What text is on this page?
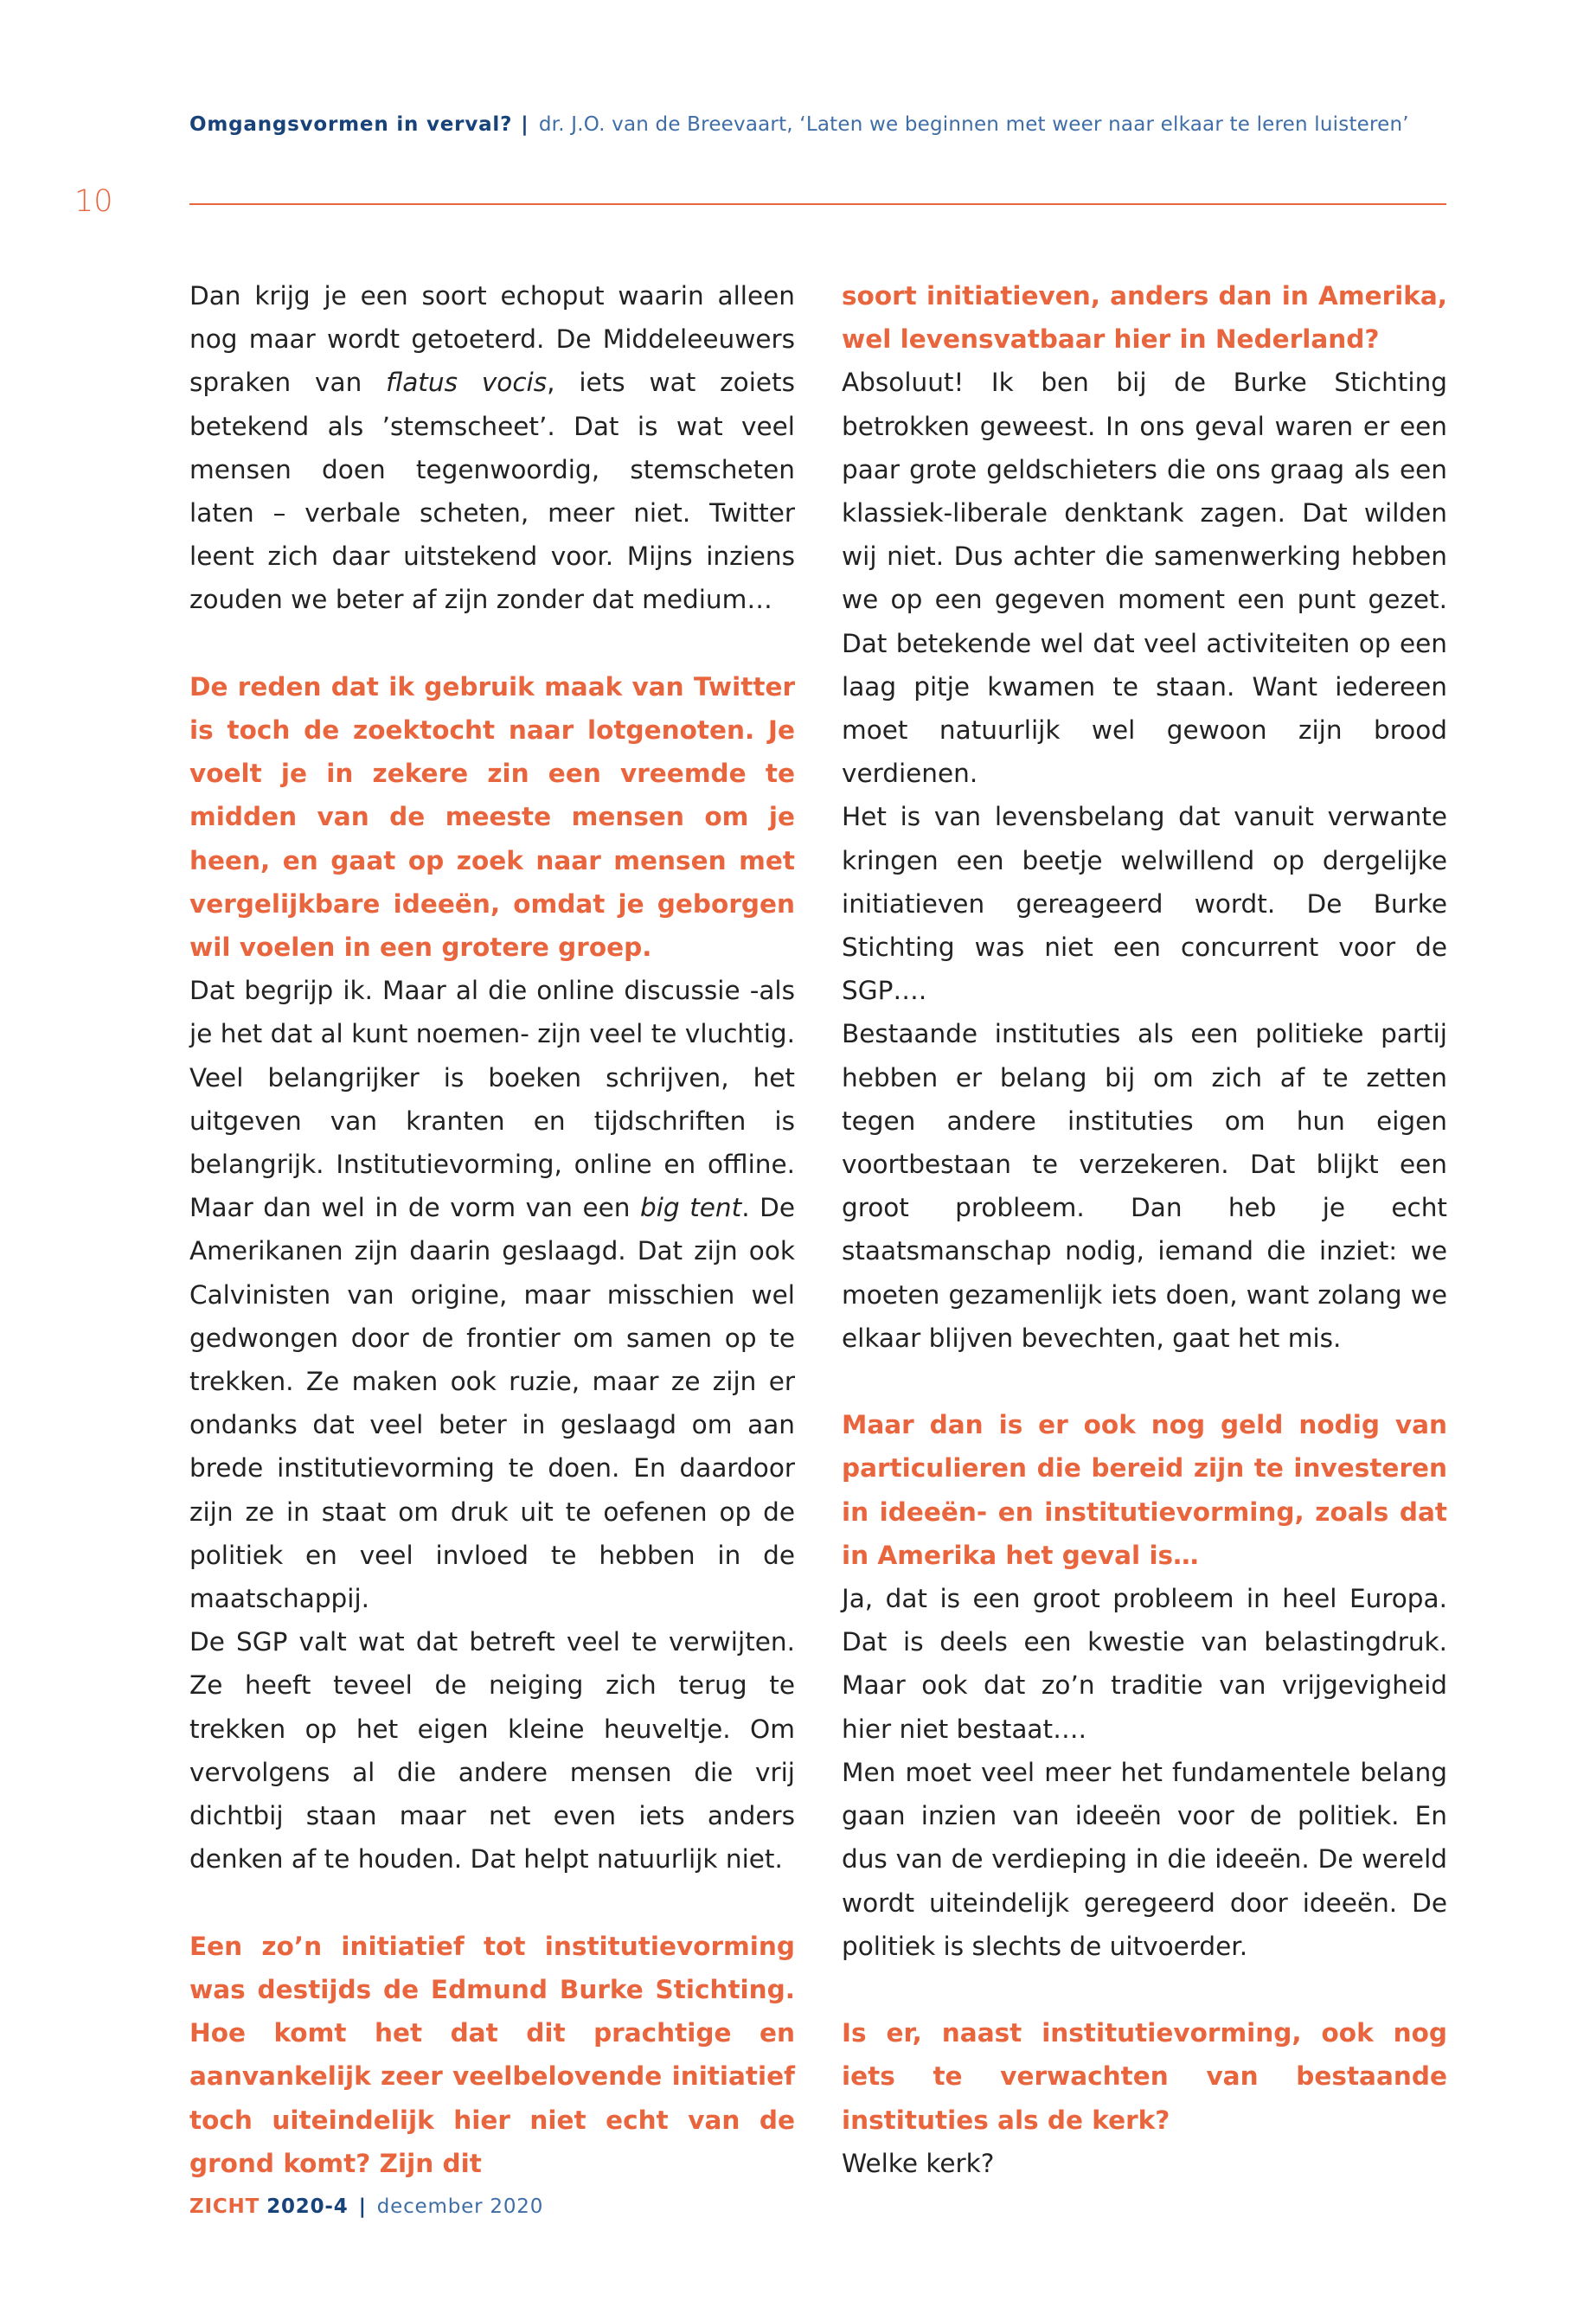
Omgangsvormen in verval? | dr. J.O. van de Breevaart, ‘Laten we beginnen met weer naar elkaar te leren luisteren’
10

Dan krijg je een soort echoput waarin alleen nog maar wordt getoeterd. De Middeleeuwers spraken van flatus vocis, iets wat zoiets betekend als ’stemscheet’. Dat is wat veel mensen doen tegenwoordig, stemscheten laten – verbale scheten, meer niet. Twitter leent zich daar uitstekend voor. Mijns inziens zouden we beter af zijn zonder dat medium…

De reden dat ik gebruik maak van Twitter is toch de zoektocht naar lotgenoten. Je voelt je in zekere zin een vreemde te midden van de meeste mensen om je heen, en gaat op zoek naar mensen met vergelijkbare ideeën, omdat je geborgen wil voelen in een grotere groep.

Dat begrijp ik. Maar al die online discussie -als je het dat al kunt noemen- zijn veel te vluchtig. Veel belangrijker is boeken schrijven, het uitgeven van kranten en tijdschriften is belangrijk. Institutievorming, online en offline. Maar dan wel in de vorm van een big tent. De Amerikanen zijn daarin geslaagd. Dat zijn ook Calvinisten van origine, maar misschien wel gedwongen door de frontier om samen op te trekken. Ze maken ook ruzie, maar ze zijn er ondanks dat veel beter in geslaagd om aan brede institutievorming te doen. En daardoor zijn ze in staat om druk uit te oefenen op de politiek en veel invloed te hebben in de maatschappij.

De SGP valt wat dat betreft veel te verwijten. Ze heeft teveel de neiging zich terug te trekken op het eigen kleine heuveltje. Om vervolgens al die andere mensen die vrij dichtbij staan maar net even iets anders denken af te houden. Dat helpt natuurlijk niet.

Een zo’n initiatief tot institutievorming was destijds de Edmund Burke Stichting. Hoe komt het dat dit prachtige en aanvankelijk zeer veelbelovende initiatief toch uiteindelijk hier niet echt van de grond komt? Zijn dit

soort initiatieven, anders dan in Amerika, wel levensvatbaar hier in Nederland?

Absoluut! Ik ben bij de Burke Stichting betrokken geweest. In ons geval waren er een paar grote geldschieters die ons graag als een klassiek-liberale denktank zagen. Dat wilden wij niet. Dus achter die samenwerking hebben we op een gegeven moment een punt gezet. Dat betekende wel dat veel activiteiten op een laag pitje kwamen te staan. Want iedereen moet natuurlijk wel gewoon zijn brood verdienen.

Het is van levensbelang dat vanuit verwante kringen een beetje welwillend op dergelijke initiatieven gereageerd wordt. De Burke Stichting was niet een concurrent voor de SGP….

Bestaande instituties als een politieke partij hebben er belang bij om zich af te zetten tegen andere instituties om hun eigen voortbestaan te verzekeren. Dat blijkt een groot probleem. Dan heb je echt staatsmanschap nodig, iemand die inziet: we moeten gezamenlijk iets doen, want zolang we elkaar blijven bevechten, gaat het mis.

Maar dan is er ook nog geld nodig van particulieren die bereid zijn te investeren in ideeën- en institutievorming, zoals dat in Amerika het geval is…

Ja, dat is een groot probleem in heel Europa. Dat is deels een kwestie van belastingdruk. Maar ook dat zo’n traditie van vrijgevigheid hier niet bestaat….

Men moet veel meer het fundamentele belang gaan inzien van ideeën voor de politiek. En dus van de verdieping in die ideeën. De wereld wordt uiteindelijk geregeerd door ideeën. De politiek is slechts de uitvoerder.

Is er, naast institutievorming, ook nog iets te verwachten van bestaande instituties als de kerk?

Welke kerk?

ZICHT 2020-4 | december 2020
